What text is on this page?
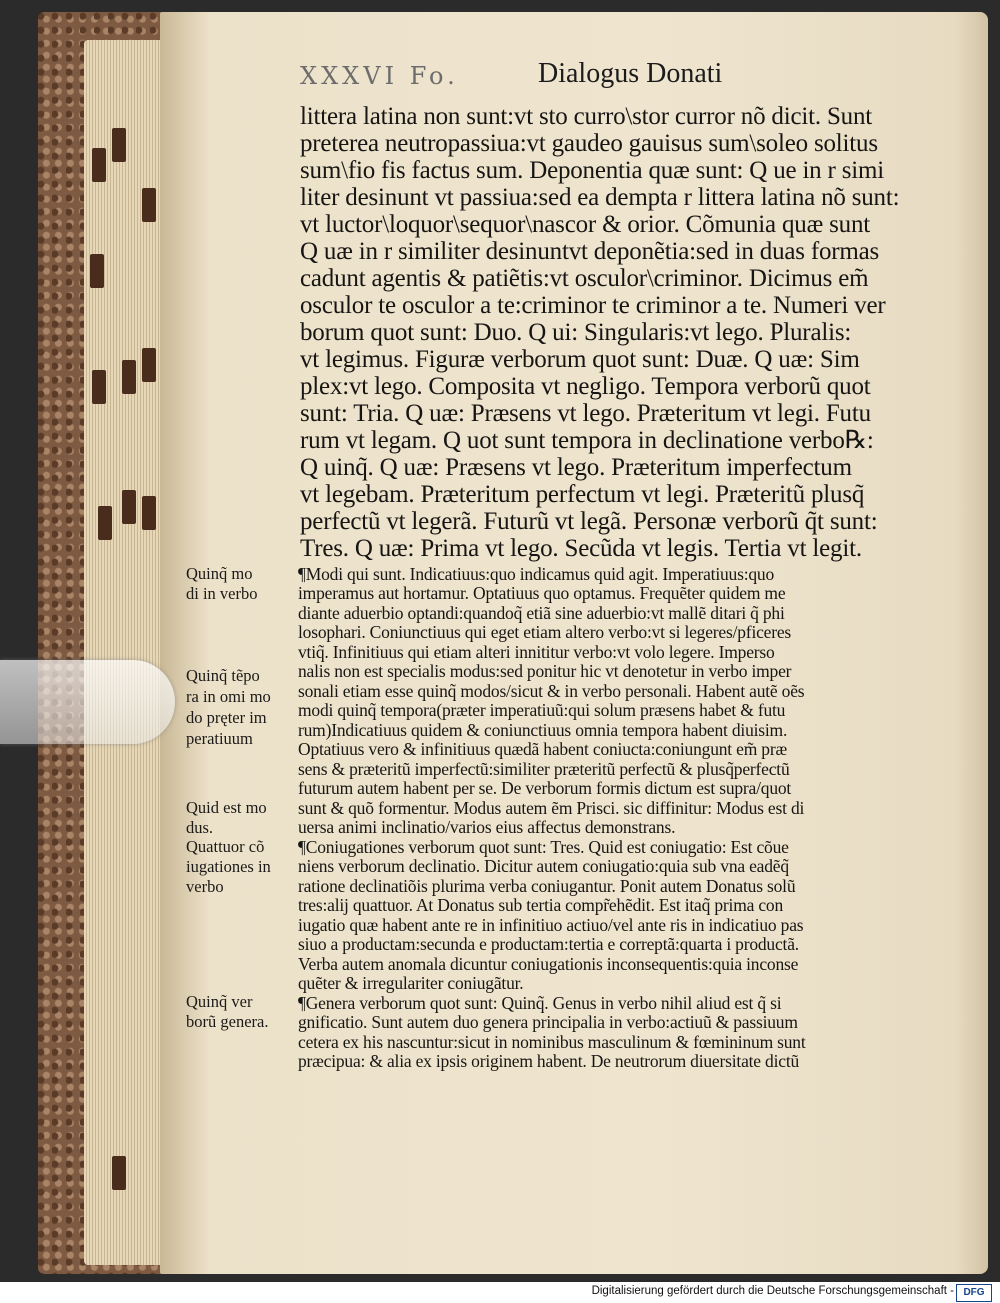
XXXVI Fo.	Dialogus Donati
littera latina non sunt:vt sto curro\stor curror nõ dicit. Sunt
preterea neutropassiua:vt gaudeo gauisus sum\soleo solitus
sum\fio fis factus sum. Deponentia quæ sunt: Q ue in r simi
liter desinunt vt passiua:sed ea dempta r littera latina nõ sunt:
vt luctor\loquor\sequor\nascor & orior. Cõmunia quæ sunt
Q uæ in r similiter desinuntvt deponẽtia:sed in duas formas
cadunt agentis & patiẽtis:vt osculor\criminor. Dicimus em̃
osculor te osculor a te:criminor te criminor a te. Numeri ver
borum quot sunt: Duo. Q ui: Singularis:vt lego. Pluralis:
vt legimus. Figuræ verborum quot sunt: Duæ. Q uæ: Sim
plex:vt lego. Composita vt negligo. Tempora verborũ quot
sunt: Tria. Q uæ: Præsens vt lego. Præteritum vt legi. Futu
rum vt legam. Q uot sunt tempora in declinatione verbo℞:
Q uinq̃. Q uæ: Præsens vt lego. Præteritum imperfectum
vt legebam. Præteritum perfectum vt legi. Præteritũ plusq̃
perfectũ vt legerã. Futurũ vt legã. Personæ verborũ q̃t sunt:
Tres. Q uæ: Prima vt lego. Secũda vt legis. Tertia vt legit.
¶Modi qui sunt. Indicatiuus:quo indicamus quid agit. Imperatiuus:quo
imperamus aut hortamur. Optatiuus quo optamus. Frequẽter quidem me
diante aduerbio optandi:quandoq̃ etiã sine aduerbio:vt mallẽ ditari q̃ phi
losophari. Coniunctiuus qui eget etiam altero verbo:vt si legeres/pficeres
vtiq̃. Infinitiuus qui etiam alteri innititur verbo:vt volo legere. Imperso
nalis non est specialis modus:sed ponitur hic vt denotetur in verbo imper
sonali etiam esse quinq̃ modos/sicut & in verbo personali. Habent autẽ oẽs
modi quinq̃ tempora(præter imperatiuũ:qui solum præsens habet & futu
rum)Indicatiuus quidem & coniunctiuus omnia tempora habent diuisim.
Optatiuus vero & infinitiuus quædã habent coniucta:coniungunt em̃ præ
sens & præteritũ imperfectũ:similiter præteritũ perfectũ & plusq̃perfectũ
futurum autem habent per se. De verborum formis dictum est supra/quot
sunt & quõ formentur. Modus autem ẽm Prisci. sic diffinitur: Modus est di
uersa animi inclinatio/varios eius affectus demonstrans.
¶Coniugationes verborum quot sunt: Tres. Quid est coniugatio: Est cõue
niens verborum declinatio. Dicitur autem coniugatio:quia sub vna eadẽq̃
ratione declinatiõis plurima verba coniugantur. Ponit autem Donatus solũ
tres:alij quattuor. At Donatus sub tertia compr̃ehẽdit. Est itaq̃ prima con
iugatio quæ habent ante re in infinitiuo actiuo/vel ante ris in indicatiuo pas
siuo a productam:secunda e productam:tertia e correptã:quarta i productã.
Verba autem anomala dicuntur coniugationis inconsequentis:quia inconse
quẽter & irregulariter coniugãtur.
¶Genera verborum quot sunt: Quinq̃. Genus in verbo nihil aliud est q̃ si
gnificatio. Sunt autem duo genera principalia in verbo:actiuũ & passiuum
cetera ex his nascuntur:sicut in nominibus masculinum & fœmininum sunt
præcipua: & alia ex ipsis originem habent. De neutrorum diuersitate dictũ
Quinq̃ mo
di in verbo
Quinq̃ tẽpo
ra in omi mo
do pręter im
peratiuum
Quid est mo
dus.
Quattuor cõ
iugationes in
verbo
Quinq̃ ver
borũ genera.
Digitalisierung gefördert durch die Deutsche Forschungsgemeinschaft - DFG
